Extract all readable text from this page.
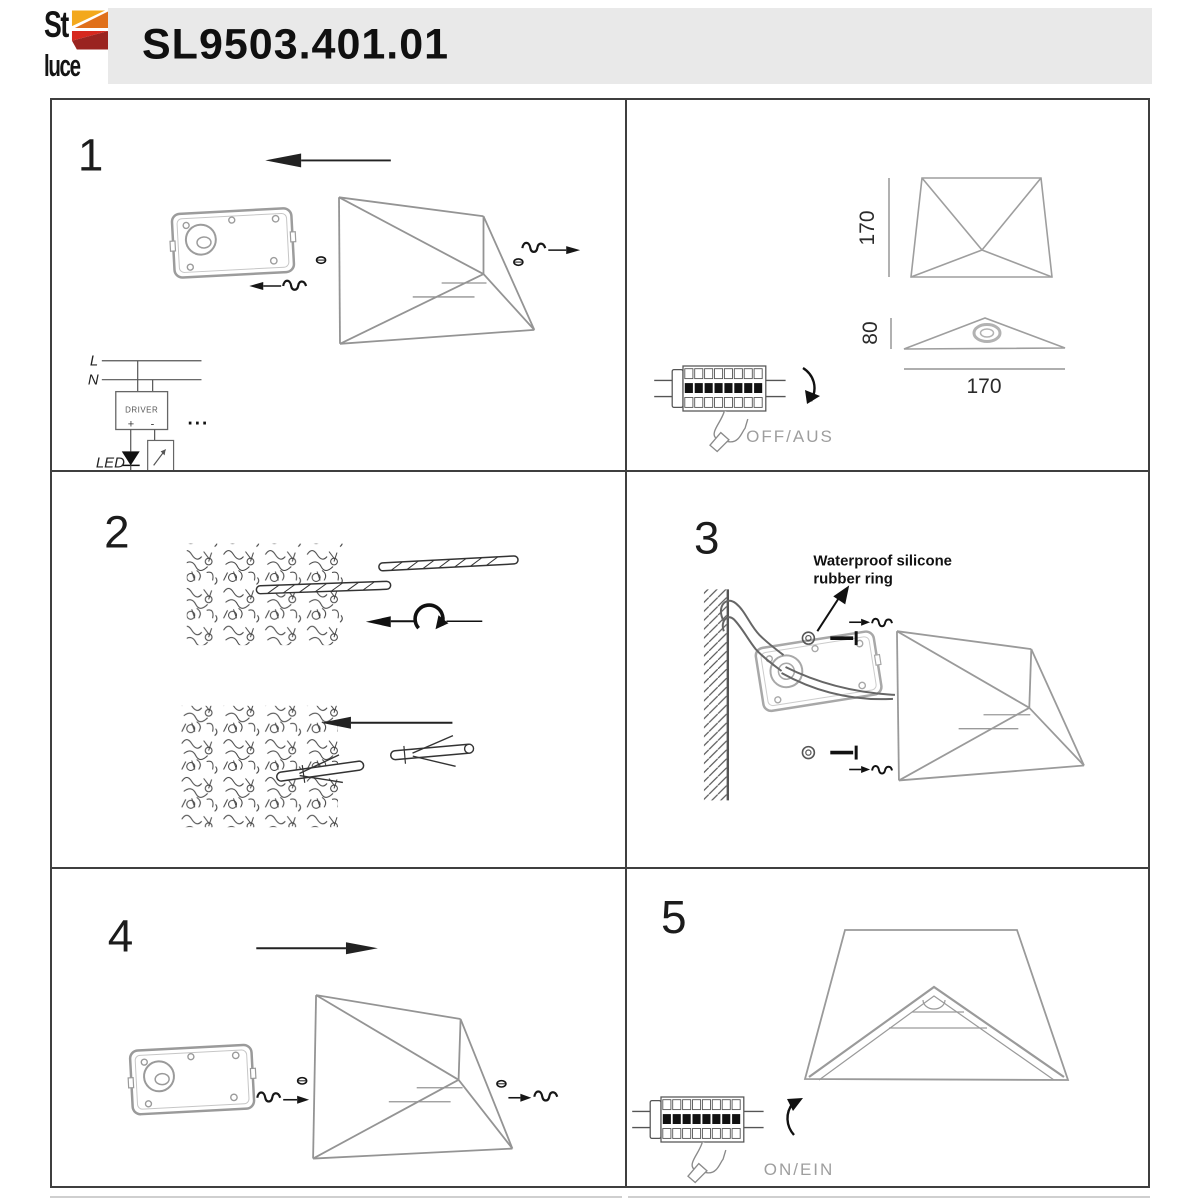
St
luce SL9503.401.01
1
L
N
DRIVER
+ -
LED
...
170
80
170
OFF/AUS
2	3	Waterproof silicone
rubber ring
4	5
ON/EIN
